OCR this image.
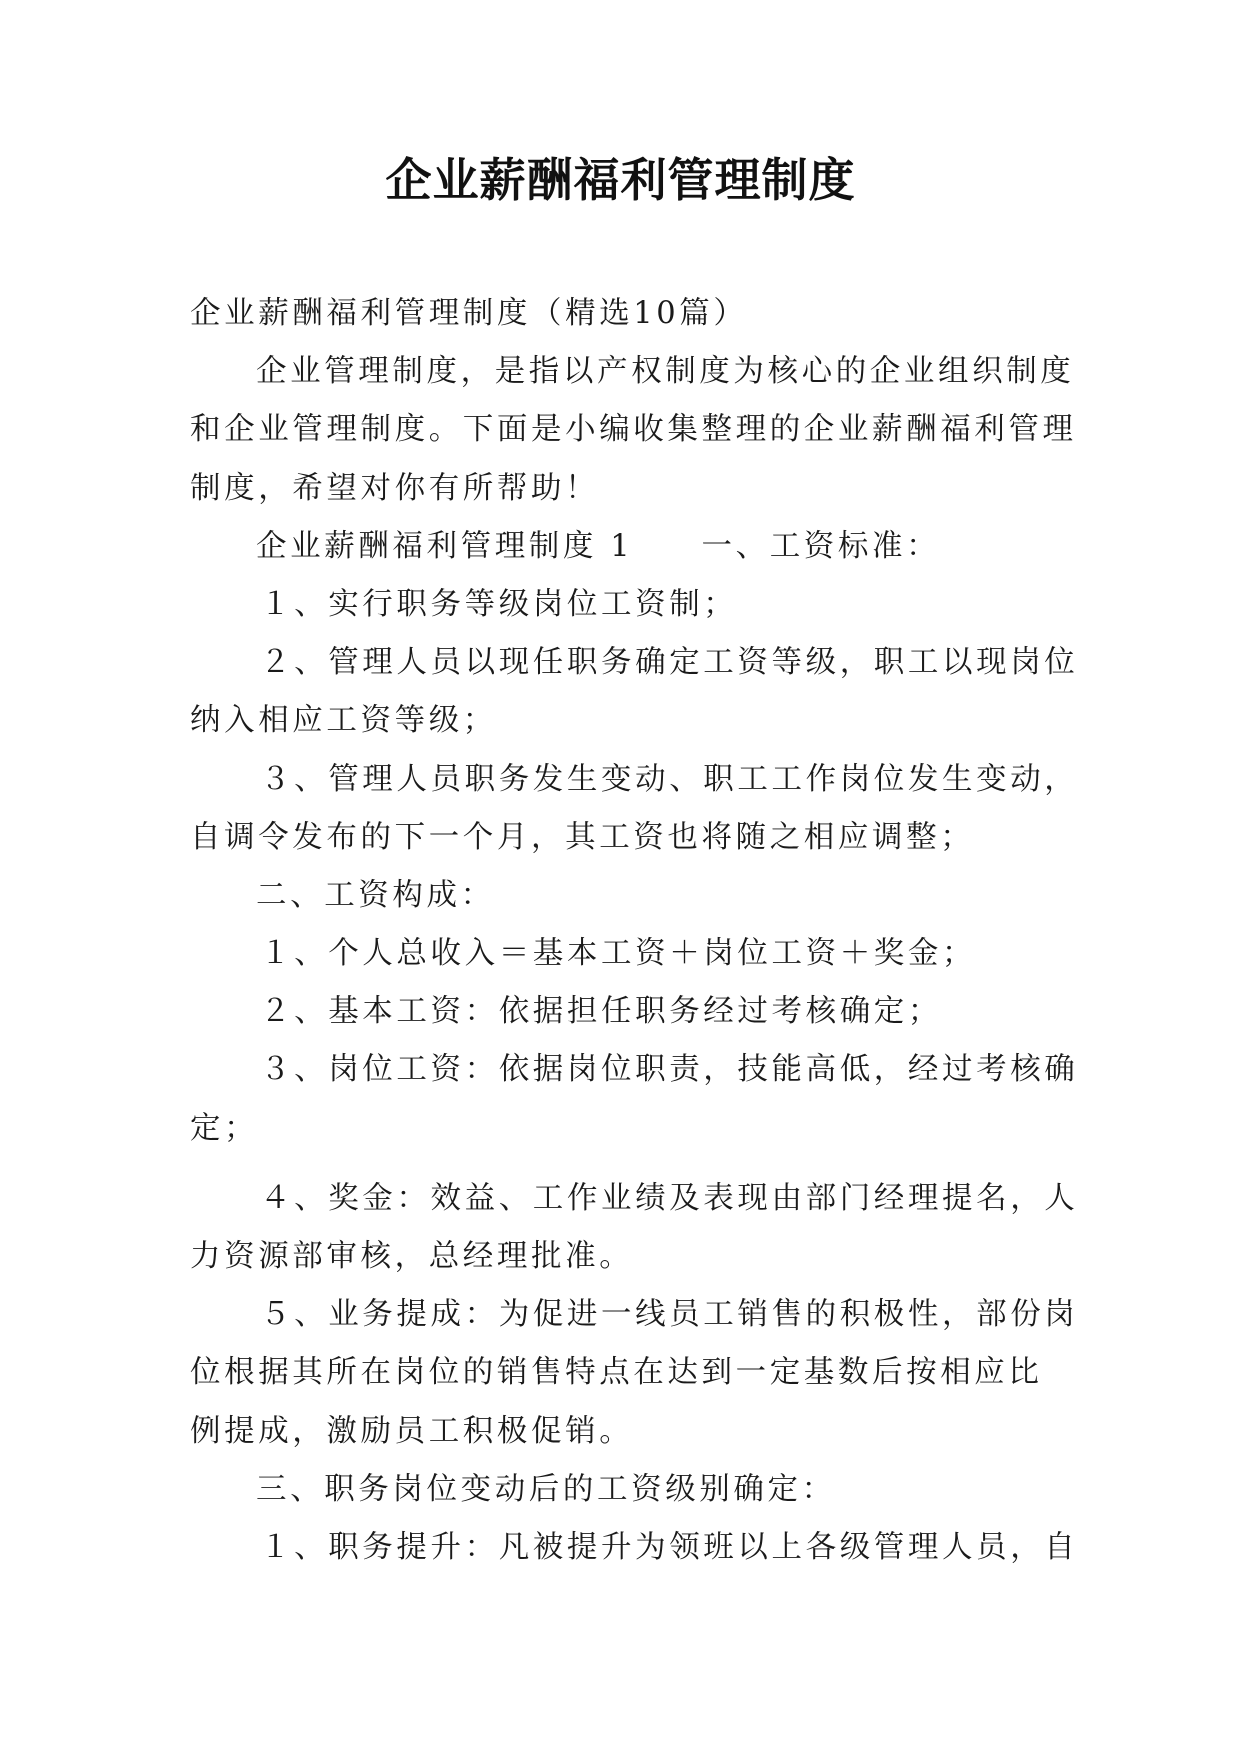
企业薪酬福利管理制度
企业薪酬福利管理制度（精选10篇）
企业管理制度，是指以产权制度为核心的企业组织制度
和企业管理制度。下面是小编收集整理的企业薪酬福利管理
制度，希望对你有所帮助！
企业薪酬福利管理制度 1　　一、工资标准：
１、实行职务等级岗位工资制；
２、管理人员以现任职务确定工资等级，职工以现岗位
纳入相应工资等级；
３、管理人员职务发生变动、职工工作岗位发生变动，
自调令发布的下一个月，其工资也将随之相应调整；
二、工资构成：
１、个人总收入＝基本工资＋岗位工资＋奖金；
２、基本工资：依据担任职务经过考核确定；
３、岗位工资：依据岗位职责，技能高低，经过考核确
定；
４、奖金：效益、工作业绩及表现由部门经理提名，人
力资源部审核，总经理批准。
５、业务提成：为促进一线员工销售的积极性，部份岗
位根据其所在岗位的销售特点在达到一定基数后按相应比
例提成，激励员工积极促销。
三、职务岗位变动后的工资级别确定：
１、职务提升：凡被提升为领班以上各级管理人员，自
